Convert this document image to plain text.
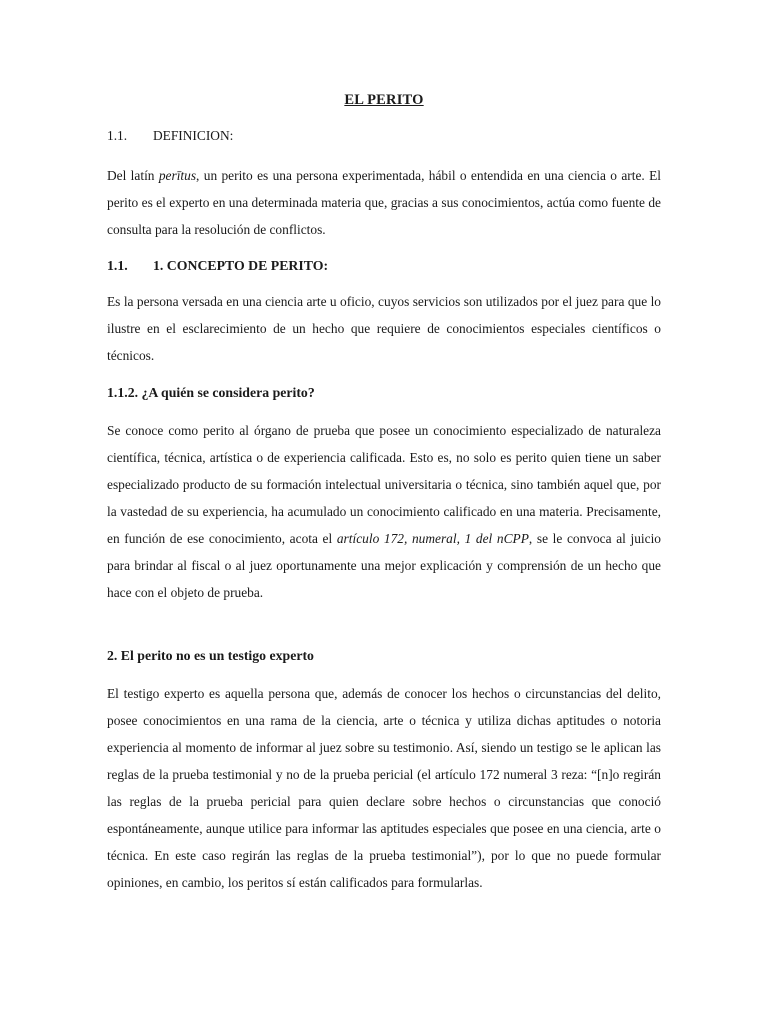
EL PERITO
1.1. DEFINICION:

Del latín perītus, un perito es una persona experimentada, hábil o entendida en una ciencia o arte. El perito es el experto en una determinada materia que, gracias a sus conocimientos, actúa como fuente de consulta para la resolución de conflictos.

1.1. 1. CONCEPTO DE PERITO:

Es la persona versada en una ciencia arte u oficio, cuyos servicios son utilizados por el juez para que lo ilustre en el esclarecimiento de un hecho que requiere de conocimientos especiales científicos o técnicos.

1.1.2. ¿A quién se considera perito?

Se conoce como perito al órgano de prueba que posee un conocimiento especializado de naturaleza científica, técnica, artística o de experiencia calificada. Esto es, no solo es perito quien tiene un saber especializado producto de su formación intelectual universitaria o técnica, sino también aquel que, por la vastedad de su experiencia, ha acumulado un conocimiento calificado en una materia. Precisamente, en función de ese conocimiento, acota el artículo 172, numeral, 1 del nCPP, se le convoca al juicio para brindar al fiscal o al juez oportunamente una mejor explicación y comprensión de un hecho que hace con el objeto de prueba.

2. El perito no es un testigo experto

El testigo experto es aquella persona que, además de conocer los hechos o circunstancias del delito, posee conocimientos en una rama de la ciencia, arte o técnica y utiliza dichas aptitudes o notoria experiencia al momento de informar al juez sobre su testimonio. Así, siendo un testigo se le aplican las reglas de la prueba testimonial y no de la prueba pericial (el artículo 172 numeral 3 reza: “[n]o regirán las reglas de la prueba pericial para quien declare sobre hechos o circunstancias que conoció espontáneamente, aunque utilice para informar las aptitudes especiales que posee en una ciencia, arte o técnica. En este caso regirán las reglas de la prueba testimonial”), por lo que no puede formular opiniones, en cambio, los peritos sí están calificados para formularlas.
